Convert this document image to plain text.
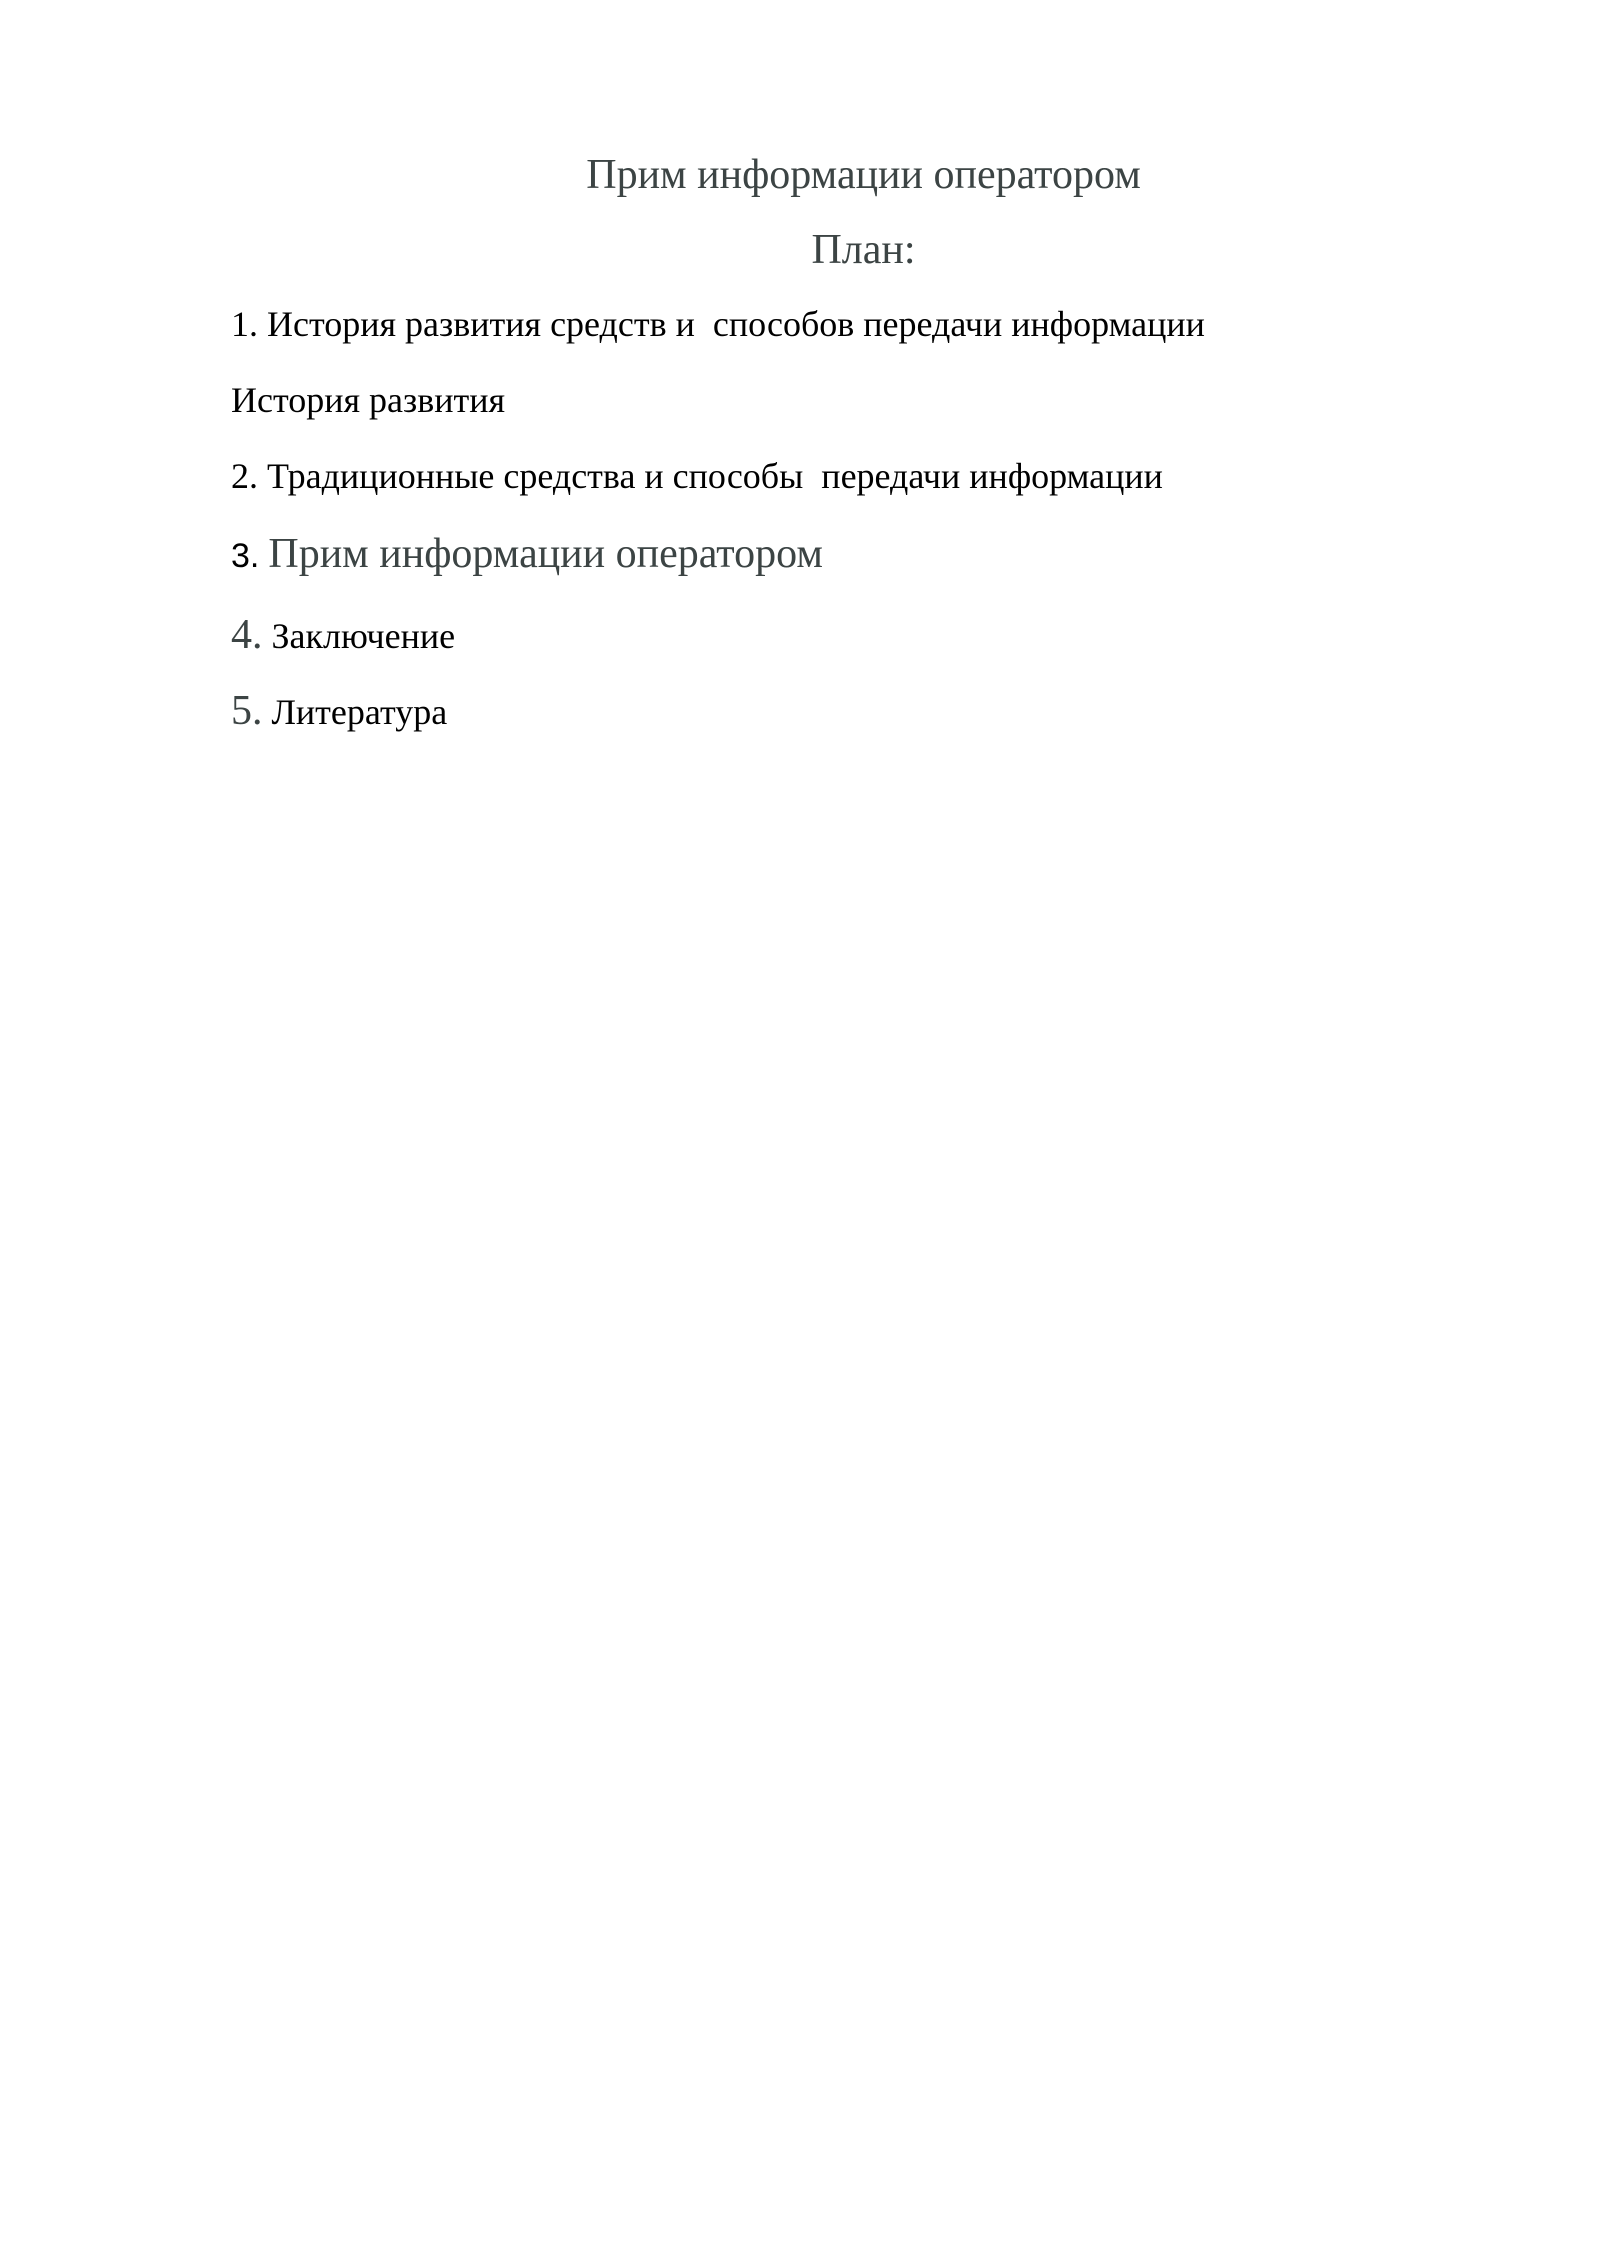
Прим информации оператором
План:
1. История развития средств и  способов передачи информации
История развития
2. Традиционные средства и способы  передачи информации
3. Прим информации оператором
4. Заключение
5. Литература
